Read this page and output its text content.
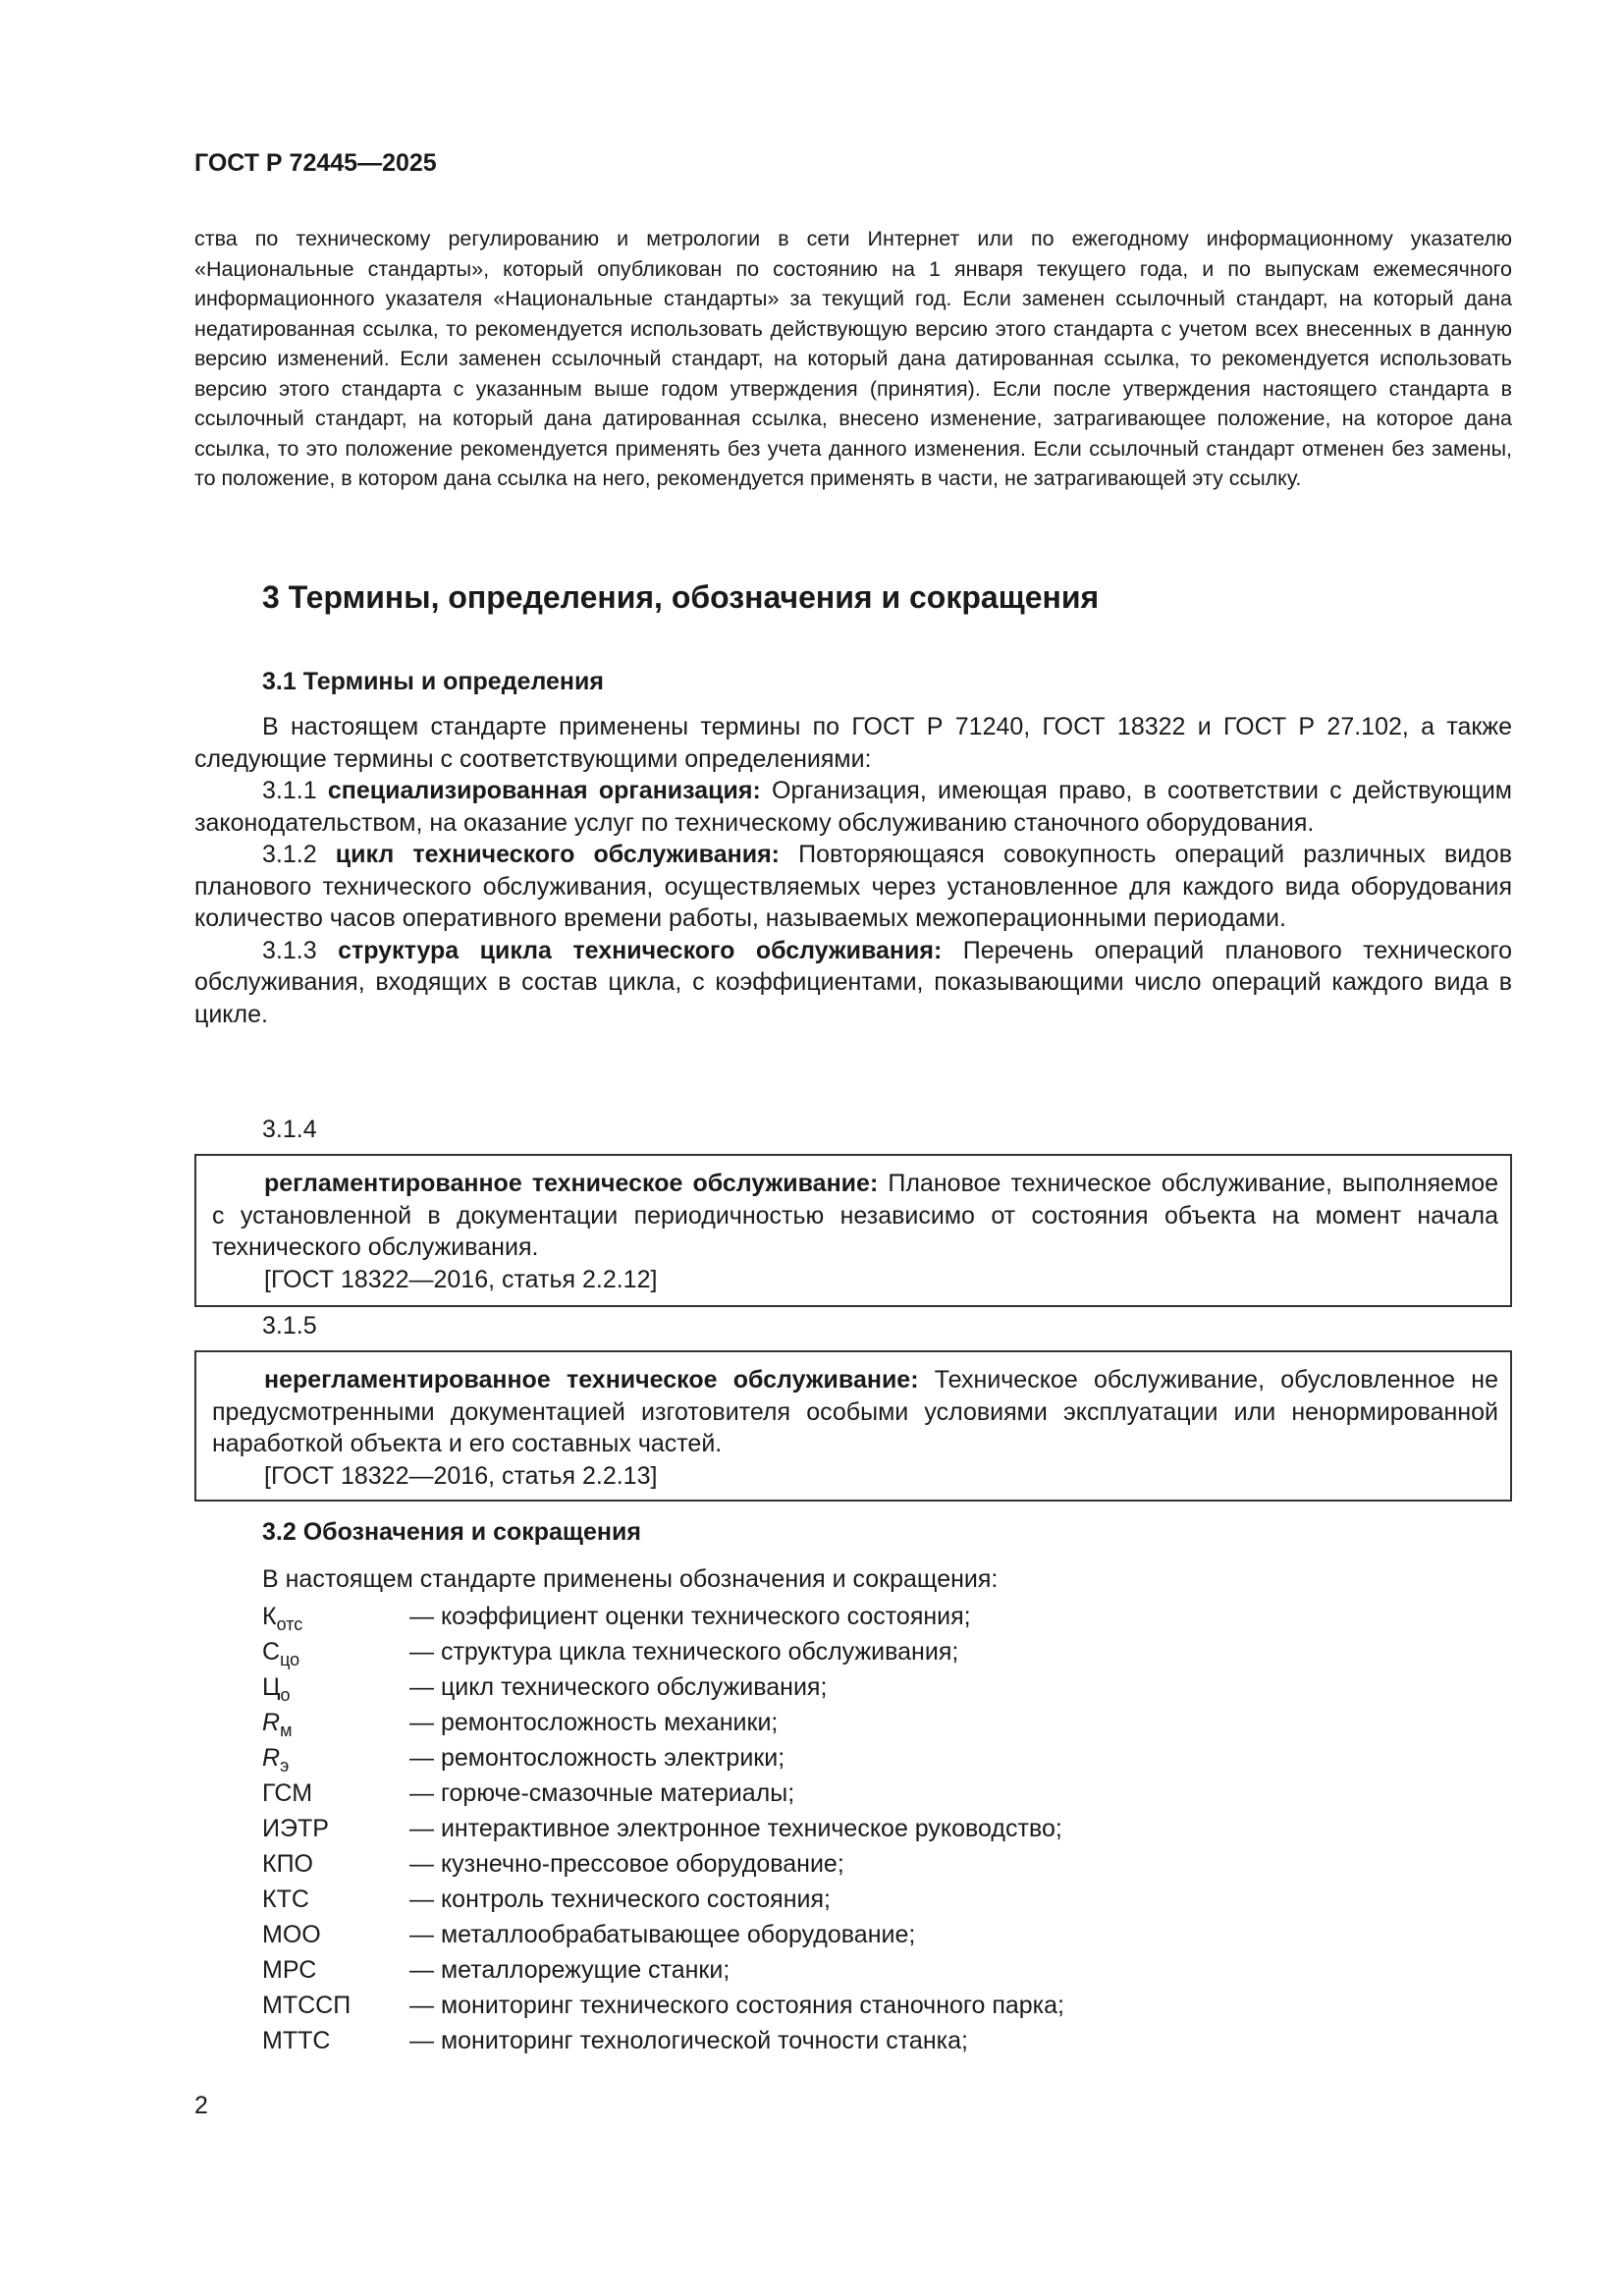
ГОСТ Р 72445—2025

ства по техническому регулированию и метрологии в сети Интернет или по ежегодному информационному указателю «Национальные стандарты», который опубликован по состоянию на 1 января текущего года, и по выпускам ежемесячного информационного указателя «Национальные стандарты» за текущий год. Если заменен ссылочный стандарт, на который дана недатированная ссылка, то рекомендуется использовать действующую версию этого стандарта с учетом всех внесенных в данную версию изменений. Если заменен ссылочный стандарт, на который дана датированная ссылка, то рекомендуется использовать версию этого стандарта с указанным выше годом утверждения (принятия). Если после утверждения настоящего стандарта в ссылочный стандарт, на который дана датированная ссылка, внесено изменение, затрагивающее положение, на которое дана ссылка, то это положение рекомендуется применять без учета данного изменения. Если ссылочный стандарт отменен без замены, то положение, в котором дана ссылка на него, рекомендуется применять в части, не затрагивающей эту ссылку.

3 Термины, определения, обозначения и сокращения
3.1 Термины и определения

В настоящем стандарте применены термины по ГОСТ Р 71240, ГОСТ 18322 и ГОСТ Р 27.102, а также следующие термины с соответствующими определениями:

3.1.1 специализированная организация: Организация, имеющая право, в соответствии с действующим законодательством, на оказание услуг по техническому обслуживанию станочного оборудования.

3.1.2 цикл технического обслуживания: Повторяющаяся совокупность операций различных видов планового технического обслуживания, осуществляемых через установленное для каждого вида оборудования количество часов оперативного времени работы, называемых межоперационными периодами.

3.1.3 структура цикла технического обслуживания: Перечень операций планового технического обслуживания, входящих в состав цикла, с коэффициентами, показывающими число операций каждого вида в цикле.

3.1.4

регламентированное техническое обслуживание: Плановое техническое обслуживание, выполняемое с установленной в документации периодичностью независимо от состояния объекта на момент начала технического обслуживания.

[ГОСТ 18322—2016, статья 2.2.12]

3.1.5

нерегламентированное техническое обслуживание: Техническое обслуживание, обусловленное не предусмотренными документацией изготовителя особыми условиями эксплуатации или ненормированной наработкой объекта и его составных частей.

[ГОСТ 18322—2016, статья 2.2.13]

3.2 Обозначения и сокращения
В настоящем стандарте применены обозначения и сокращения:
$К_{отс}$	— коэффициент оценки технического состояния;
$С_{цо}$	— структура цикла технического обслуживания;
$Ц_о$	— цикл технического обслуживания;
$R_м$	— ремонтосложность механики;
$R_э$	— ремонтосложность электрики;
ГСМ	— горюче-смазочные материалы;
ИЭТР	— интерактивное электронное техническое руководство;
КПО	— кузнечно-прессовое оборудование;
КТС	— контроль технического состояния;
МОО	— металлообрабатывающее оборудование;
МРС	— металлорежущие станки;
МТССП	— мониторинг технического состояния станочного парка;
МТТС	— мониторинг технологической точности станка;
2
